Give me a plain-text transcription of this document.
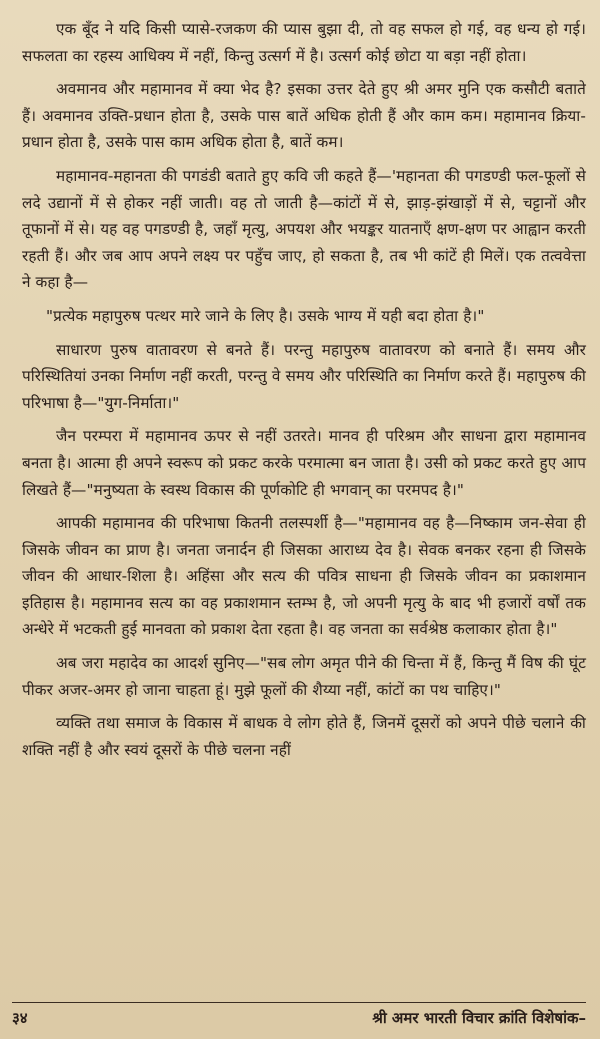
एक बूँद ने यदि किसी प्यासे-रजकण की प्यास बुझा दी, तो वह सफल हो गई, वह धन्य हो गई। सफलता का रहस्य आधिक्य में नहीं, किन्तु उत्सर्ग में है। उत्सर्ग कोई छोटा या बड़ा नहीं होता।

अवमानव और महामानव में क्या भेद है? इसका उत्तर देते हुए श्री अमर मुनि एक कसौटी बताते हैं। अवमानव उक्ति-प्रधान होता है, उसके पास बातें अधिक होती हैं और काम कम। महामानव क्रिया-प्रधान होता है, उसके पास काम अधिक होता है, बातें कम।

महामानव-महानता की पगडंडी बताते हुए कवि जी कहते हैं—'महानता की पगडण्डी फल-फूलों से लदे उद्यानों में से होकर नहीं जाती। वह तो जाती है—कांटों में से, झाड़-झंखाड़ों में से, चट्टानों और तूफानों में से। यह वह पगडण्डी है, जहाँ मृत्यु, अपयश और भयङ्कर यातनाएँ क्षण-क्षण पर आह्वान करती रहती हैं। और जब आप अपने लक्ष्य पर पहुँच जाए, हो सकता है, तब भी कांटें ही मिलें। एक तत्ववेत्ता ने कहा है—

"प्रत्येक महापुरुष पत्थर मारे जाने के लिए है। उसके भाग्य में यही बदा होता है।"

साधारण पुरुष वातावरण से बनते हैं। परन्तु महापुरुष वातावरण को बनाते हैं। समय और परिस्थितियां उनका निर्माण नहीं करती, परन्तु वे समय और परिस्थिति का निर्माण करते हैं। महापुरुष की परिभाषा है—"युग-निर्माता।"

जैन परम्परा में महामानव ऊपर से नहीं उतरते। मानव ही परिश्रम और साधना द्वारा महामानव बनता है। आत्मा ही अपने स्वरूप को प्रकट करके परमात्मा बन जाता है। उसी को प्रकट करते हुए आप लिखते हैं—"मनुष्यता के स्वस्थ विकास की पूर्णकोटि ही भगवान् का परमपद है।"

आपकी महामानव की परिभाषा कितनी तलस्पर्शी है—"महामानव वह है—निष्काम जन-सेवा ही जिसके जीवन का प्राण है। जनता जनार्दन ही जिसका आराध्य देव है। सेवक बनकर रहना ही जिसके जीवन की आधार-शिला है। अहिंसा और सत्य की पवित्र साधना ही जिसके जीवन का प्रकाशमान इतिहास है। महामानव सत्य का वह प्रकाशमान स्तम्भ है, जो अपनी मृत्यु के बाद भी हजारों वर्षों तक अन्धेरे में भटकती हुई मानवता को प्रकाश देता रहता है। वह जनता का सर्वश्रेष्ठ कलाकार होता है।"

अब जरा महादेव का आदर्श सुनिए—"सब लोग अमृत पीने की चिन्ता में हैं, किन्तु मैं विष की घूंट पीकर अजर-अमर हो जाना चाहता हूं। मुझे फूलों की शैय्या नहीं, कांटों का पथ चाहिए।"

व्यक्ति तथा समाज के विकास में बाधक वे लोग होते हैं, जिनमें दूसरों को अपने पीछे चलाने की शक्ति नहीं है और स्वयं दूसरों के पीछे चलना नहीं

३४	श्री अमर भारती विचार क्रांति विशेषांक–
